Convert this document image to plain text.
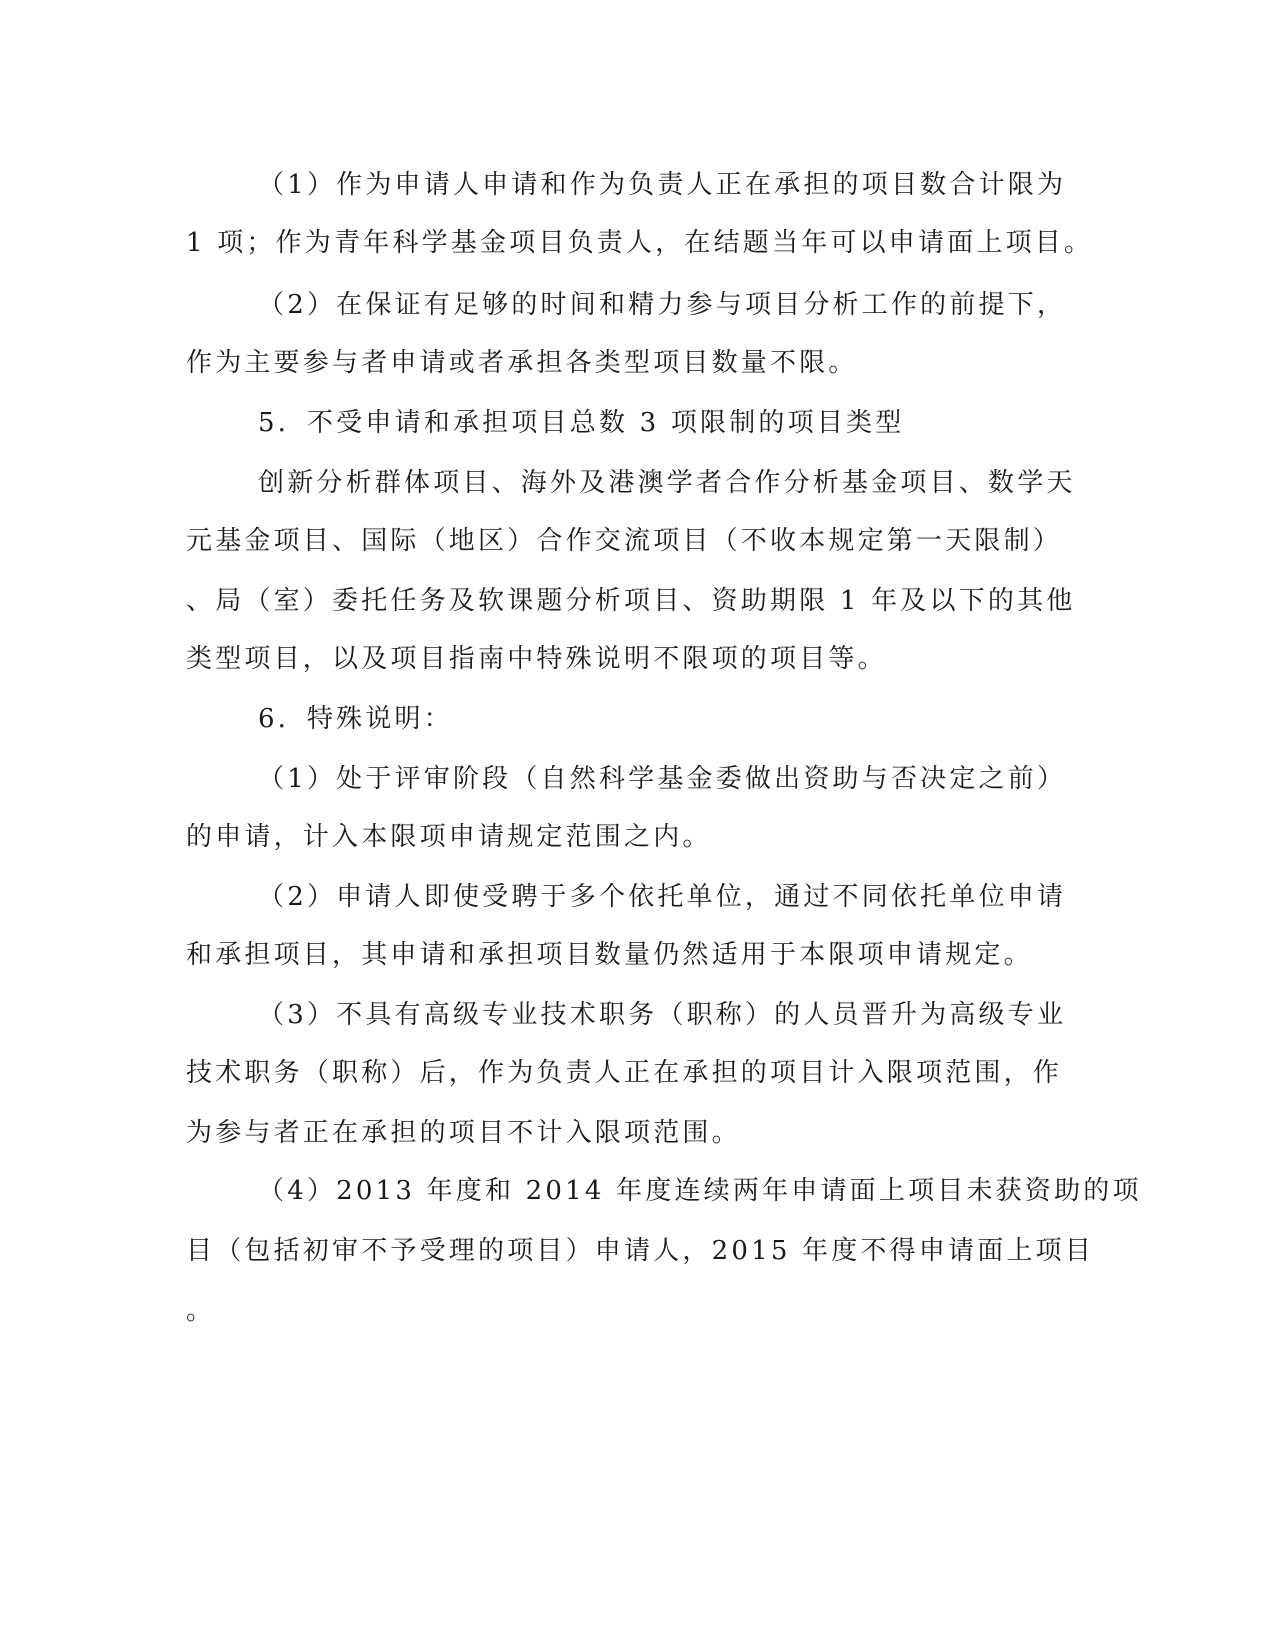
（1）作为申请人申请和作为负责人正在承担的项目数合计限为
1 项；作为青年科学基金项目负责人，在结题当年可以申请面上项目。
（2）在保证有足够的时间和精力参与项目分析工作的前提下，
作为主要参与者申请或者承担各类型项目数量不限。
5．不受申请和承担项目总数 3 项限制的项目类型
创新分析群体项目、海外及港澳学者合作分析基金项目、数学天
元基金项目、国际（地区）合作交流项目（不收本规定第一天限制）
、局（室）委托任务及软课题分析项目、资助期限 1 年及以下的其他
类型项目，以及项目指南中特殊说明不限项的项目等。
6．特殊说明：
（1）处于评审阶段（自然科学基金委做出资助与否决定之前）
的申请，计入本限项申请规定范围之内。
（2）申请人即使受聘于多个依托单位，通过不同依托单位申请
和承担项目，其申请和承担项目数量仍然适用于本限项申请规定。
（3）不具有高级专业技术职务（职称）的人员晋升为高级专业
技术职务（职称）后，作为负责人正在承担的项目计入限项范围，作
为参与者正在承担的项目不计入限项范围。
（4）2013 年度和 2014 年度连续两年申请面上项目未获资助的项
目（包括初审不予受理的项目）申请人，2015 年度不得申请面上项目
。
